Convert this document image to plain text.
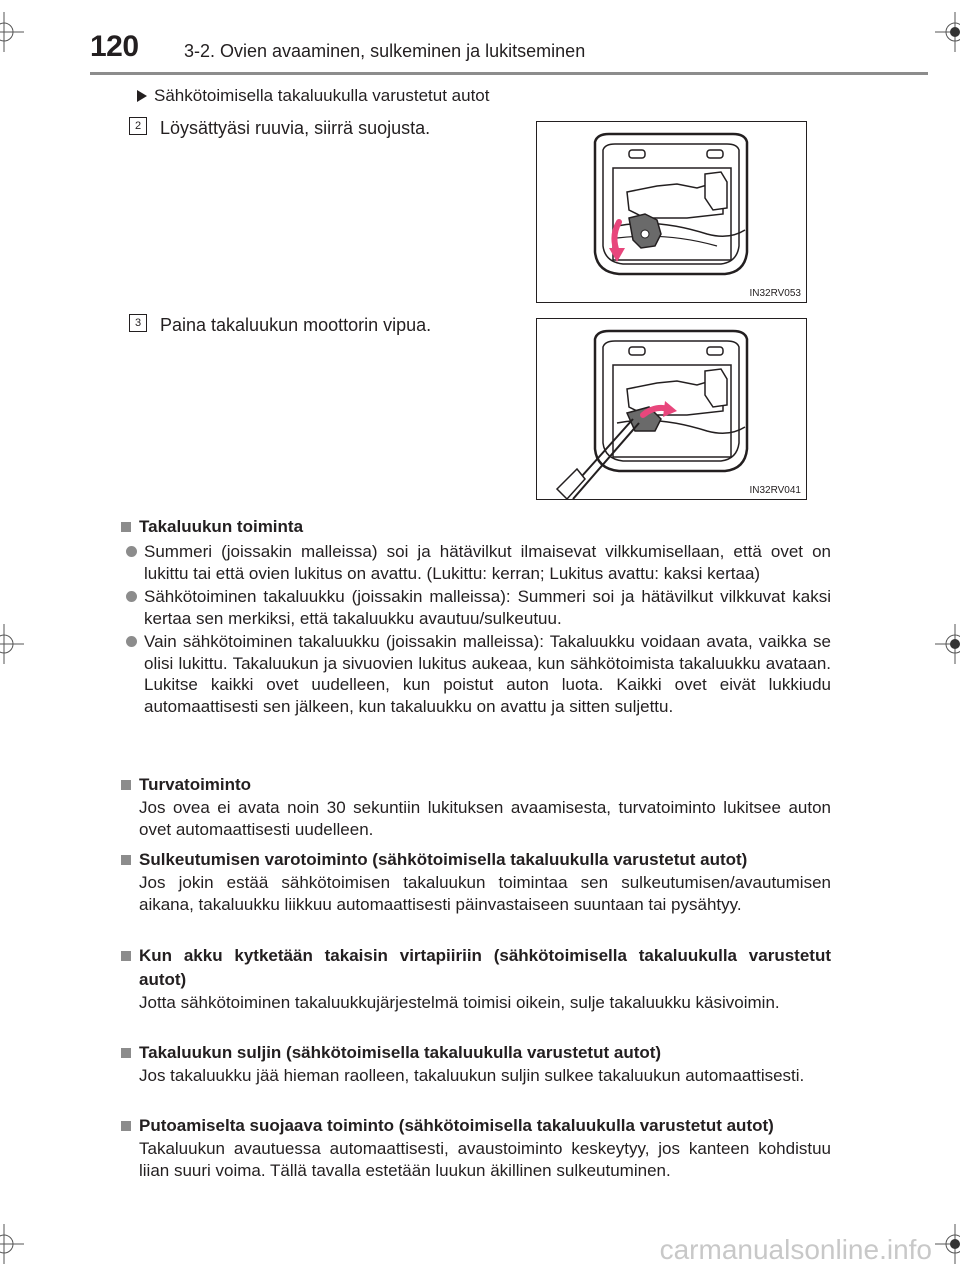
120	3-2. Ovien avaaminen, sulkeminen ja lukitseminen
Sähkötoimisella takaluukulla varustetut autot
2	Löysättyäsi ruuvia, siirrä suojusta.
IN32RV053
3	Paina takaluukun moottorin vipua.
IN32RV041
Takaluukun toiminta
Summeri (joissakin malleissa) soi ja hätävilkut ilmaisevat vilkkumisellaan, että ovet on lukittu tai että ovien lukitus on avattu. (Lukittu: kerran; Lukitus avattu: kaksi kertaa)
Sähkötoiminen takaluukku (joissakin malleissa): Summeri soi ja hätävilkut vilkkuvat kaksi kertaa sen merkiksi, että takaluukku avautuu/sulkeutuu.
Vain sähkötoiminen takaluukku (joissakin malleissa): Takaluukku voidaan avata, vaikka se olisi lukittu. Takaluukun ja sivuovien lukitus aukeaa, kun sähkötoimista takaluukku avataan. Lukitse kaikki ovet uudelleen, kun poistut auton luota. Kaikki ovet eivät lukkiudu automaattisesti sen jälkeen, kun takaluukku on avattu ja sitten suljettu.
Turvatoiminto
Jos ovea ei avata noin 30 sekuntiin lukituksen avaamisesta, turvatoiminto lukitsee auton ovet automaattisesti uudelleen.
Sulkeutumisen varotoiminto (sähkötoimisella takaluukulla varustetut autot)
Jos jokin estää sähkötoimisen takaluukun toimintaa sen sulkeutumisen/avautumisen aikana, takaluukku liikkuu automaattisesti päinvastaiseen suuntaan tai pysähtyy.
Kun akku kytketään takaisin virtapiiriin (sähkötoimisella takaluukulla varustetut autot)
Jotta sähkötoiminen takaluukkujärjestelmä toimisi oikein, sulje takaluukku käsivoimin.
Takaluukun suljin (sähkötoimisella takaluukulla varustetut autot)
Jos takaluukku jää hieman raolleen, takaluukun suljin sulkee takaluukun automaattisesti.
Putoamiselta suojaava toiminto (sähkötoimisella takaluukulla varustetut autot)
Takaluukun avautuessa automaattisesti, avaustoiminto keskeytyy, jos kanteen kohdistuu liian suuri voima. Tällä tavalla estetään luukun äkillinen sulkeutuminen.
carmanualsonline.info
